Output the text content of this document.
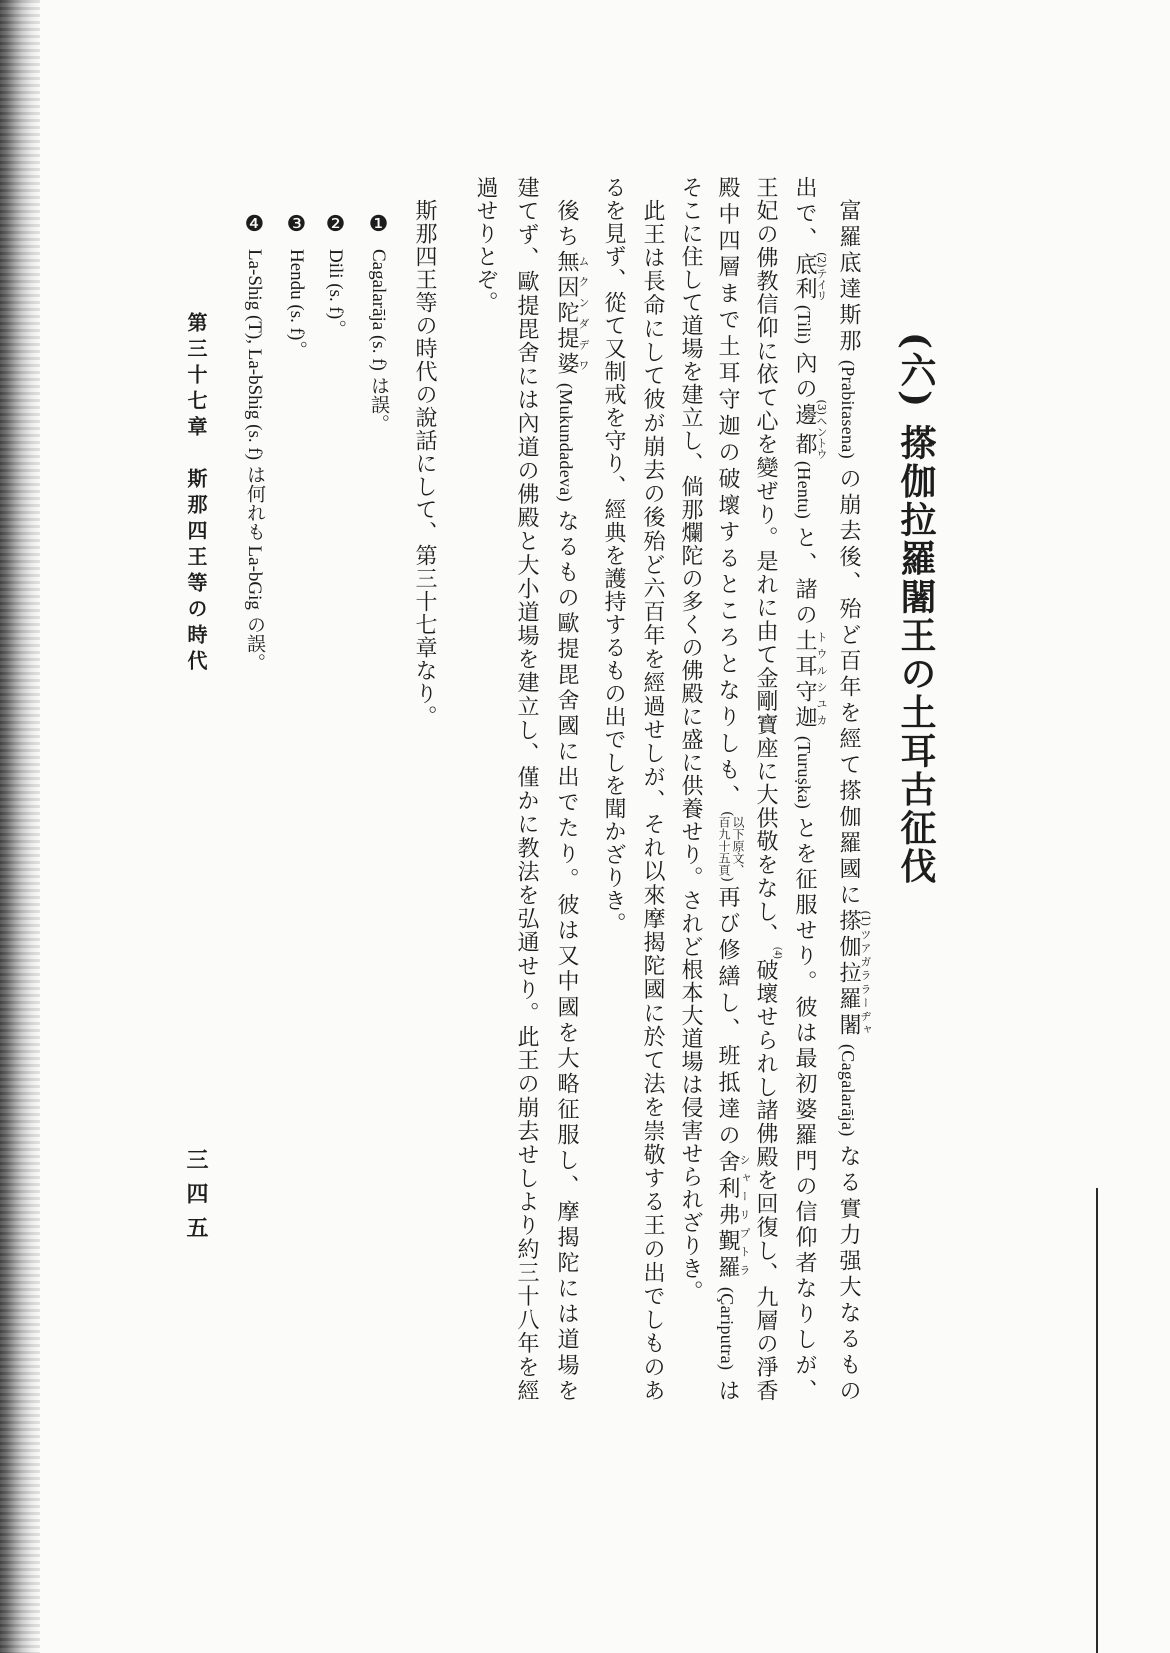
(六)搽伽拉羅闍王の土耳古征伐
富羅底達斯那(Prabitasena)の崩去後、殆ど百年を經て搽伽羅國に搽伽拉羅闍(1)ツアガララーヂャ(Cagalarāja)なる實力强大なるもの
出で、底利(2)テイリ(Tili)內の邊都(3)ヘントウ(Hentu)と、諸の土耳守迦トウルシユカ(Turuṣka)とを征服せり。彼は最初婆羅門の信仰者なりしが、
王妃の佛教信仰に依て心を變ぜり。是れに由て金剛寶座に大供敬をなし、(4)破壞せられし諸佛殿を回復し、九層の淨香
殿中四層まで土耳守迦の破壞するところとなりしも、(
以下原文、
百九十五頁
)再び修繕し、班抵達の舍利弗覲羅シャーリプトラ(Çariputra)は
そこに住して道場を建立し、倘那爛陀の多くの佛殿に盛に供養せり。されど根本大道場は侵害せられざりき。
此王は長命にして彼が崩去の後殆ど六百年を經過せしが、それ以來摩揭陀國に於て法を崇敬する王の出でしものあ
るを見ず、從て又制戒を守り、經典を護持するもの出でしを聞かざりき。
後ち無因陀提婆ムクンダデワ(Mukundadeva)なるもの歐提毘舍國に出でたり。彼は又中國を大略征服し、摩揭陀には道場を
建てず、歐提毘舍には內道の佛殿と大小道場を建立し、僅かに教法を弘通せり。此王の崩去せしより約三十八年を經
過せりとぞ。
斯那四王等の時代の說話にして、第三十七章なり。
❶Cagalarāja (s. f) は誤。
❷Dili (s. f)。
❸Hendu (s. f)。
❹La-Shig (T), La-bShig (s. f) は何れも La-bGig の誤。
第三十七章　斯那四王等の時代
三四五
